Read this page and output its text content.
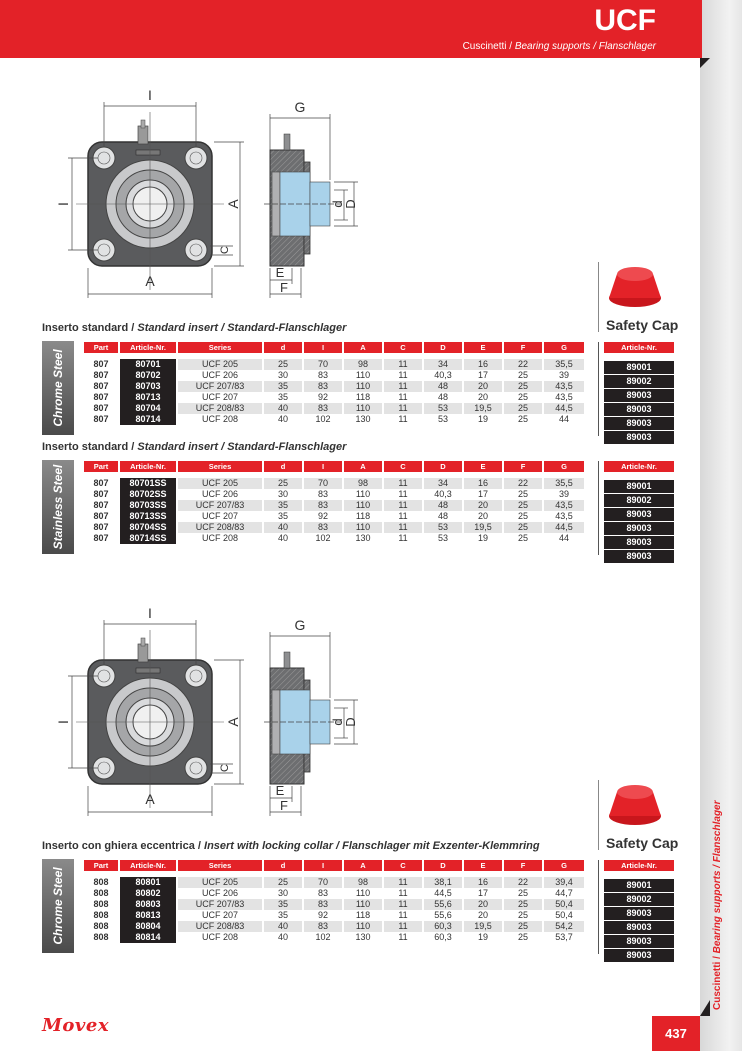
UCF
Cuscinetti / Bearing supports / Flanschlager
Cuscinetti / Bearing supports / Flanschlager
I
I
A
A
C
G
d
D
E
F
I
I
A
A
C
G
d
D
E
F
Safety Cap
Safety Cap
Inserto standard / Standard insert / Standard-Flanschlager
Chrome Steel
Part	Article-Nr.	Series	d	I	A	C	D	E	F	G

807	80701	UCF 205	25	70	98	11	34	16	22	35,5
807	80702	UCF 206	30	83	110	11	40,3	17	25	39
807	80703	UCF 207/83	35	83	110	11	48	20	25	43,5
807	80713	UCF 207	35	92	118	11	48	20	25	43,5
807	80704	UCF 208/83	40	83	110	11	53	19,5	25	44,5
807	80714	UCF 208	40	102	130	11	53	19	25	44
Article-Nr.

89001
89002
89003
89003
89003
89003
Inserto standard / Standard insert / Standard-Flanschlager
Stainless Steel	Part	Article-Nr.	Series	d	I	A	C	D	E	F	G

807	80701SS	UCF 205	25	70	98	11	34	16	22	35,5
807	80702SS	UCF 206	30	83	110	11	40,3	17	25	39
807	80703SS	UCF 207/83	35	83	110	11	48	20	25	43,5
807	80713SS	UCF 207	35	92	118	11	48	20	25	43,5
807	80704SS	UCF 208/83	40	83	110	11	53	19,5	25	44,5
807	80714SS	UCF 208	40	102	130	11	53	19	25	44
Article-Nr.

89001
89002
89003
89003
89003
89003
Inserto con ghiera eccentrica / Insert with locking collar / Flanschlager mit Exzenter-Klemmring
Chrome Steel
Part	Article-Nr.	Series	d	I	A	C	D	E	F	G

808	80801	UCF 205	25	70	98	11	38,1	16	22	39,4
808	80802	UCF 206	30	83	110	11	44,5	17	25	44,7
808	80803	UCF 207/83	35	83	110	11	55,6	20	25	50,4
808	80813	UCF 207	35	92	118	11	55,6	20	25	50,4
808	80804	UCF 208/83	40	83	110	11	60,3	19,5	25	54,2
808	80814	UCF 208	40	102	130	11	60,3	19	25	53,7
Article-Nr.

89001
89002
89003
89003
89003
89003
Movex	437
